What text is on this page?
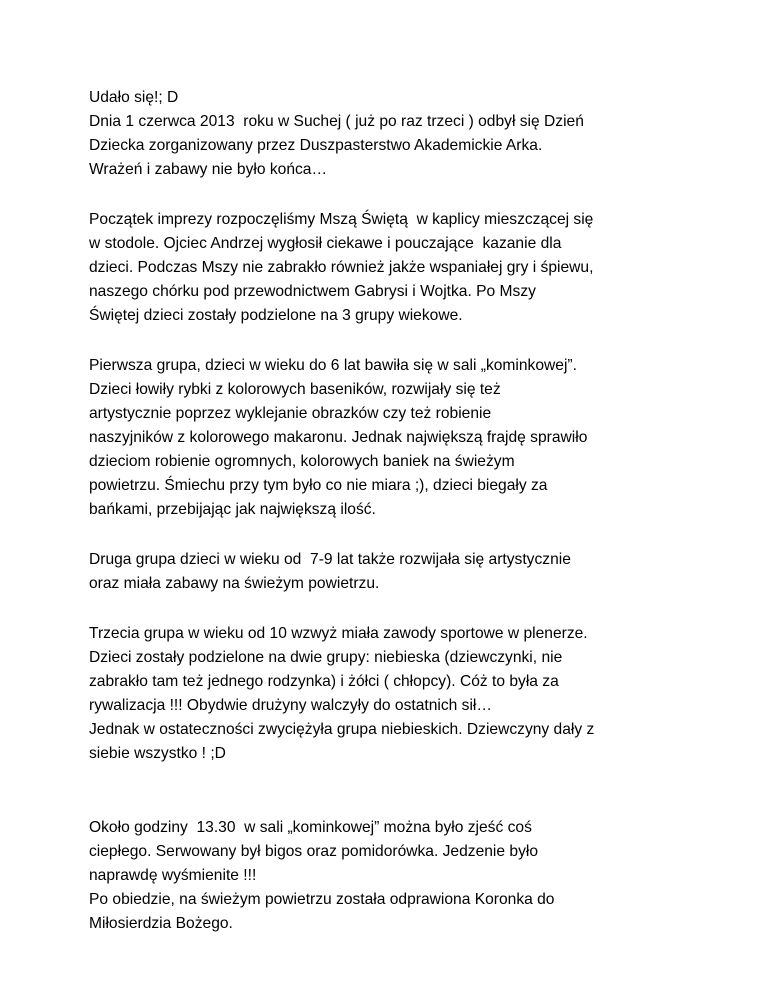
Udało się!; D
Dnia 1 czerwca 2013  roku w Suchej ( już po raz trzeci ) odbył się Dzień
Dziecka zorganizowany przez Duszpasterstwo Akademickie Arka.
Wrażeń i zabawy nie było końca…
Początek imprezy rozpoczęliśmy Mszą Świętą  w kaplicy mieszczącej się
w stodole. Ojciec Andrzej wygłosił ciekawe i pouczające  kazanie dla
dzieci. Podczas Mszy nie zabrakło również jakże wspaniałej gry i śpiewu,
naszego chórku pod przewodnictwem Gabrysi i Wojtka. Po Mszy
Świętej dzieci zostały podzielone na 3 grupy wiekowe.
Pierwsza grupa, dzieci w wieku do 6 lat bawiła się w sali „kominkowej”.
Dzieci łowiły rybki z kolorowych baseników, rozwijały się też
artystycznie poprzez wyklejanie obrazków czy też robienie
naszyjników z kolorowego makaronu. Jednak największą frajdę sprawiło
dzieciom robienie ogromnych, kolorowych baniek na świeżym
powietrzu. Śmiechu przy tym było co nie miara ;), dzieci biegały za
bańkami, przebijając jak największą ilość.
Druga grupa dzieci w wieku od  7-9 lat także rozwijała się artystycznie
oraz miała zabawy na świeżym powietrzu.
Trzecia grupa w wieku od 10 wzwyż miała zawody sportowe w plenerze.
Dzieci zostały podzielone na dwie grupy: niebieska (dziewczynki, nie
zabrakło tam też jednego rodzynka) i żółci ( chłopcy). Cóż to była za
rywalizacja !!! Obydwie drużyny walczyły do ostatnich sił…
Jednak w ostateczności zwyciężyła grupa niebieskich. Dziewczyny dały z
siebie wszystko ! ;D
Około godziny  13.30  w sali „kominkowej” można było zjeść coś
ciepłego. Serwowany był bigos oraz pomidorówka. Jedzenie było
naprawdę wyśmienite !!!
Po obiedzie, na świeżym powietrzu została odprawiona Koronka do
Miłosierdzia Bożego.
